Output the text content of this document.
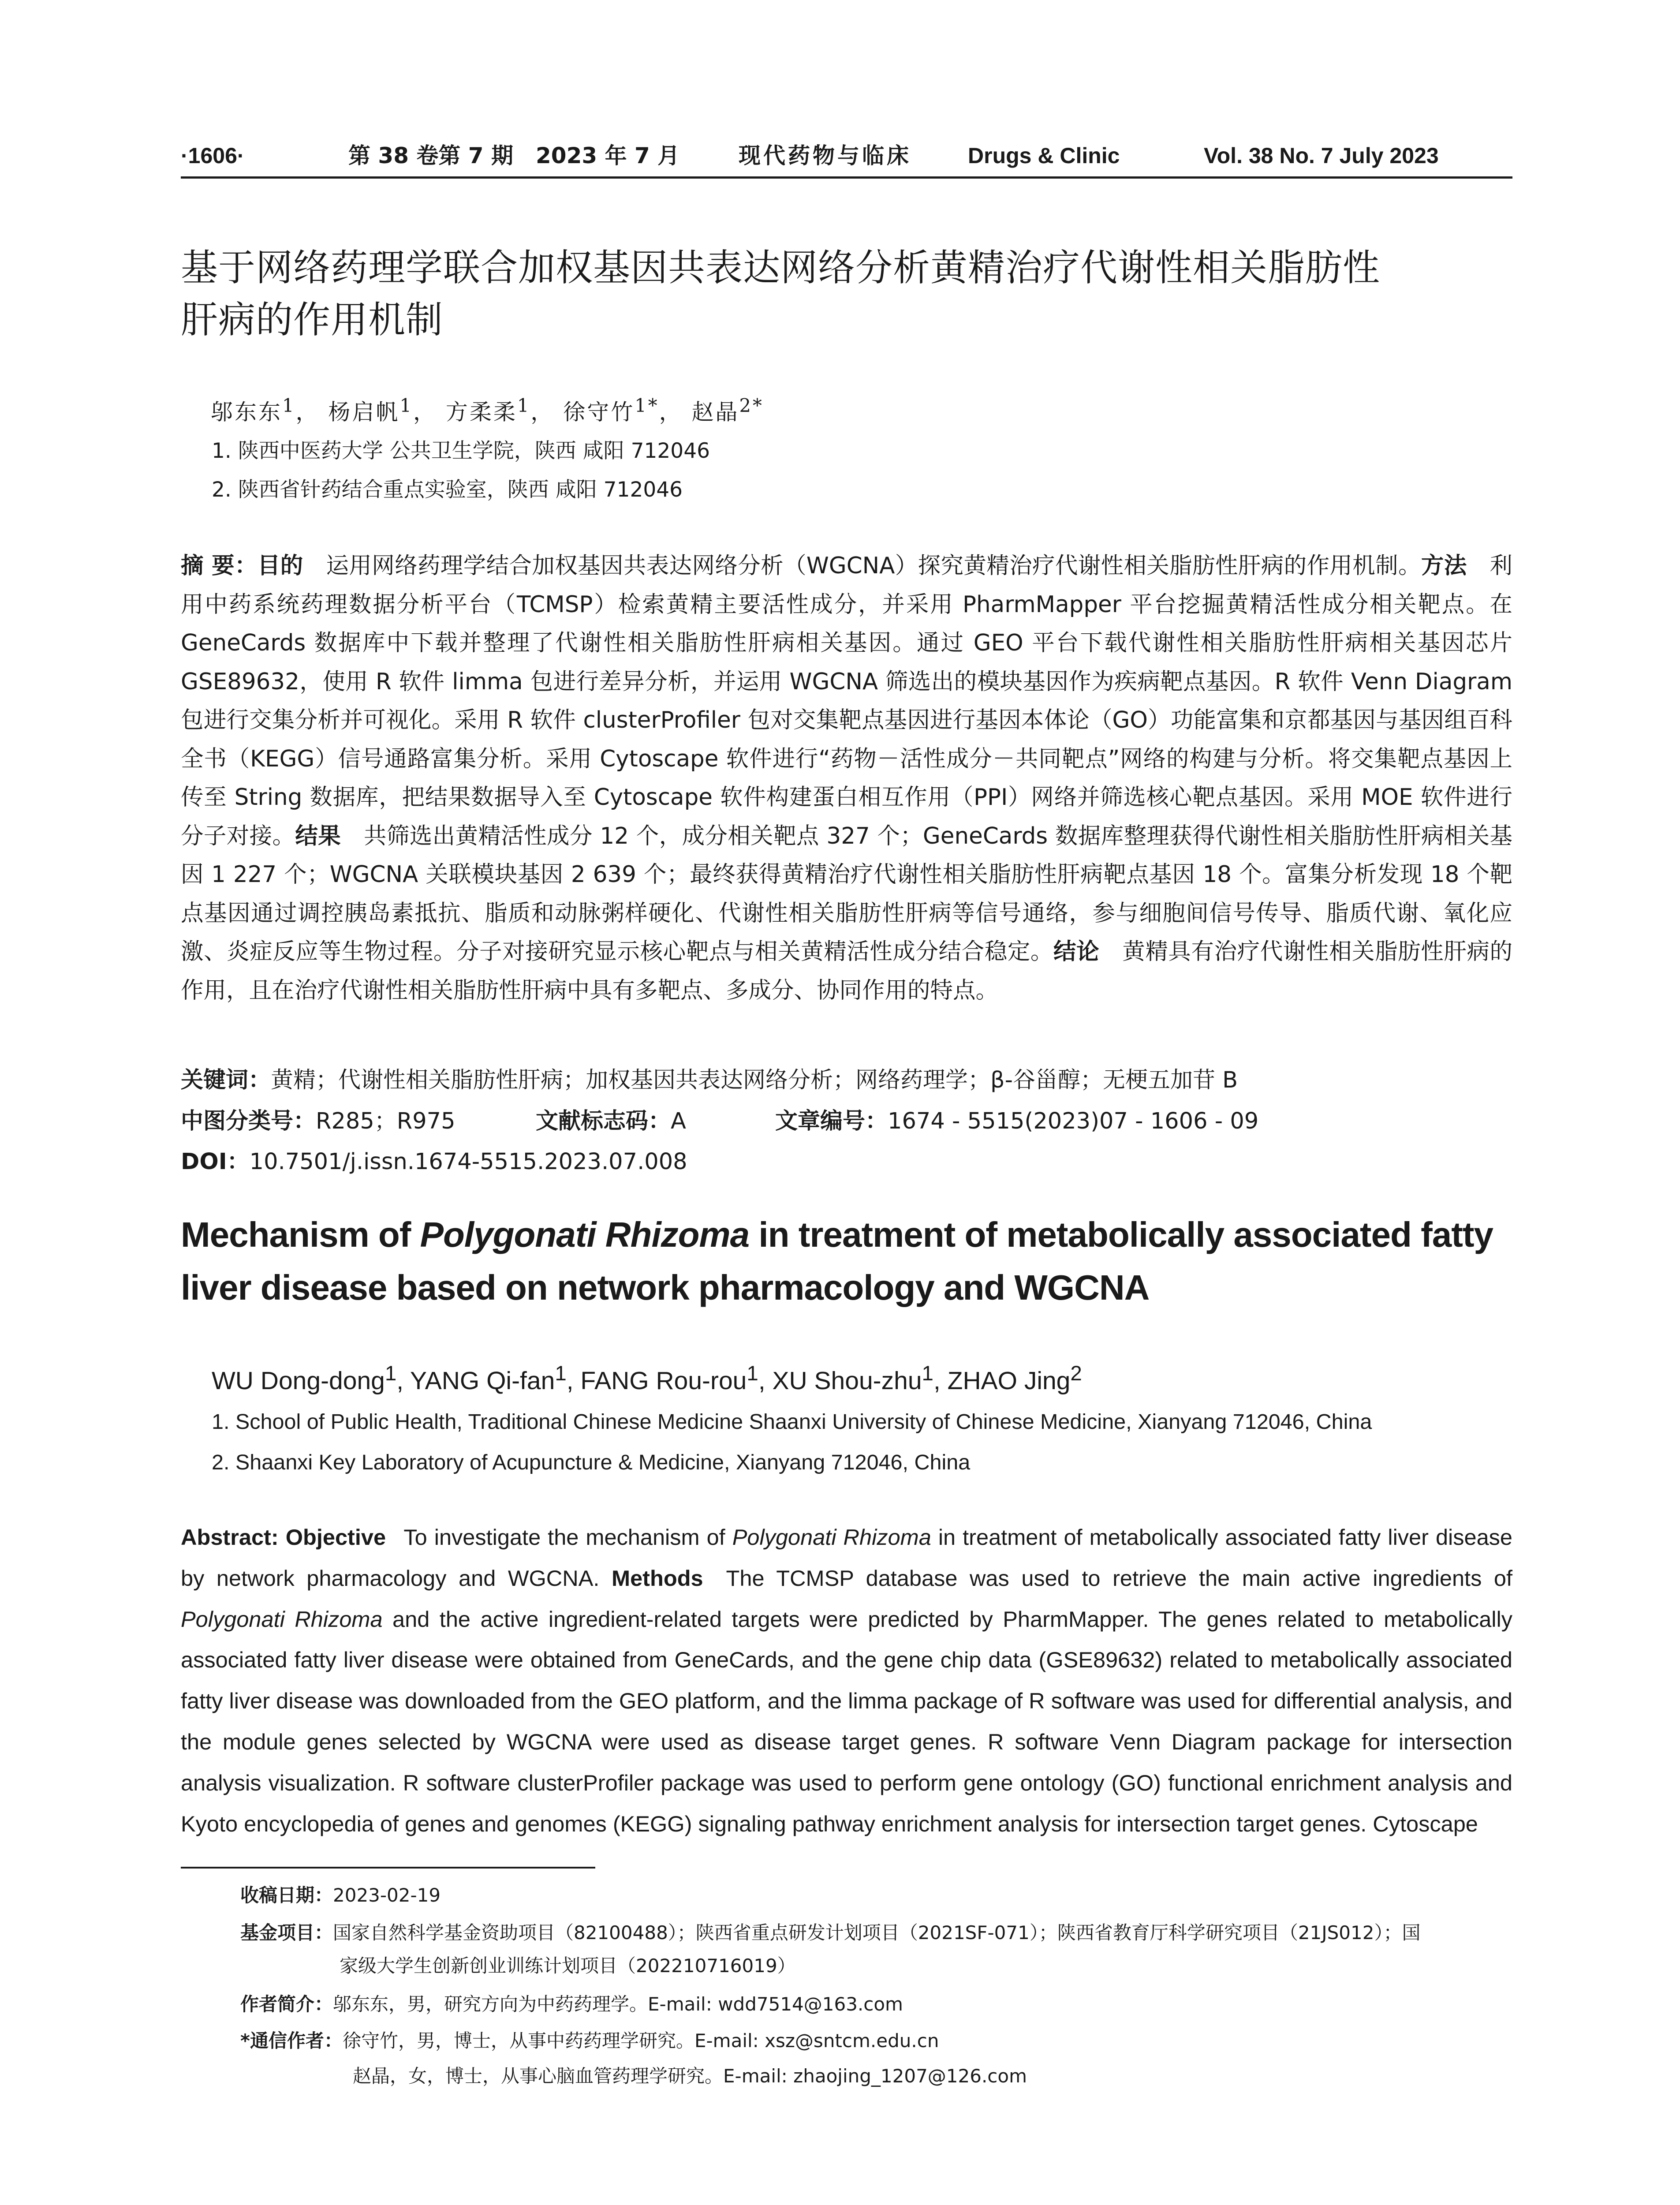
·1606·	第 38 卷第 7 期 2023 年 7 月	现代药物与临床	Drugs & Clinic	Vol. 38 No. 7 July 2023
基于网络药理学联合加权基因共表达网络分析黄精治疗代谢性相关脂肪性
肝病的作用机制
邬东东$^1$， 杨启帆$^1$， 方柔柔$^1$， 徐守竹$^{1*}$， 赵晶$^{2*}$
1. 陕西中医药大学 公共卫生学院，陕西 咸阳 712046
2. 陕西省针药结合重点实验室，陕西 咸阳 712046

摘 要：目的  运用网络药理学结合加权基因共表达网络分析（WGCNA）探究黄精治疗代谢性相关脂肪性肝病的作用机制。方法  利用中药系统药理数据分析平台（TCMSP）检索黄精主要活性成分，并采用 PharmMapper 平台挖掘黄精活性成分相关靶点。在 GeneCards 数据库中下载并整理了代谢性相关脂肪性肝病相关基因。通过 GEO 平台下载代谢性相关脂肪性肝病相关基因芯片 GSE89632，使用 R 软件 limma 包进行差异分析，并运用 WGCNA 筛选出的模块基因作为疾病靶点基因。R 软件 Venn Diagram 包进行交集分析并可视化。采用 R 软件 clusterProfiler 包对交集靶点基因进行基因本体论（GO）功能富集和京都基因与基因组百科全书（KEGG）信号通路富集分析。采用 Cytoscape 软件进行“药物－活性成分－共同靶点”网络的构建与分析。将交集靶点基因上传至 String 数据库，把结果数据导入至 Cytoscape 软件构建蛋白相互作用（PPI）网络并筛选核心靶点基因。采用 MOE 软件进行分子对接。结果  共筛选出黄精活性成分 12 个，成分相关靶点 327 个；GeneCards 数据库整理获得代谢性相关脂肪性肝病相关基因 1 227 个；WGCNA 关联模块基因 2 639 个；最终获得黄精治疗代谢性相关脂肪性肝病靶点基因 18 个。富集分析发现 18 个靶点基因通过调控胰岛素抵抗、脂质和动脉粥样硬化、代谢性相关脂肪性肝病等信号通络，参与细胞间信号传导、脂质代谢、氧化应激、炎症反应等生物过程。分子对接研究显示核心靶点与相关黄精活性成分结合稳定。结论  黄精具有治疗代谢性相关脂肪性肝病的作用，且在治疗代谢性相关脂肪性肝病中具有多靶点、多成分、协同作用的特点。

关键词：黄精；代谢性相关脂肪性肝病；加权基因共表达网络分析；网络药理学；β-谷甾醇；无梗五加苷 B
中图分类号：R285；R975	文献标志码：A	文章编号：1674 - 5515(2023)07 - 1606 - 09
DOI：10.7501/j.issn.1674-5515.2023.07.008
Mechanism of Polygonati Rhizoma in treatment of metabolically associated fatty
liver disease based on network pharmacology and WGCNA
WU Dong-dong$^1$, YANG Qi-fan$^1$, FANG Rou-rou$^1$, XU Shou-zhu$^1$, ZHAO Jing$^2$
1. School of Public Health, Traditional Chinese Medicine Shaanxi University of Chinese Medicine, Xianyang 712046, China
2. Shaanxi Key Laboratory of Acupuncture & Medicine, Xianyang 712046, China

Abstract: Objective  To investigate the mechanism of Polygonati Rhizoma in treatment of metabolically associated fatty liver disease by network pharmacology and WGCNA. Methods  The TCMSP database was used to retrieve the main active ingredients of Polygonati Rhizoma and the active ingredient-related targets were predicted by PharmMapper. The genes related to metabolically associated fatty liver disease were obtained from GeneCards, and the gene chip data (GSE89632) related to metabolically associated fatty liver disease was downloaded from the GEO platform, and the limma package of R software was used for differential analysis, and the module genes selected by WGCNA were used as disease target genes. R software Venn Diagram package for intersection analysis visualization. R software clusterProfiler package was used to perform gene ontology (GO) functional enrichment analysis and Kyoto encyclopedia of genes and genomes (KEGG) signaling pathway enrichment analysis for intersection target genes. Cytoscape

收稿日期：2023-02-19
基金项目：国家自然科学基金资助项目（82100488）；陕西省重点研发计划项目（2021SF-071）；陕西省教育厅科学研究项目（21JS012）；国
家级大学生创新创业训练计划项目（202210716019）
作者简介：邬东东，男，研究方向为中药药理学。E-mail: wdd7514@163.com
*通信作者：徐守竹，男，博士，从事中药药理学研究。E-mail: xsz@sntcm.edu.cn
赵晶，女，博士，从事心脑血管药理学研究。E-mail: zhaojing_1207@126.com
